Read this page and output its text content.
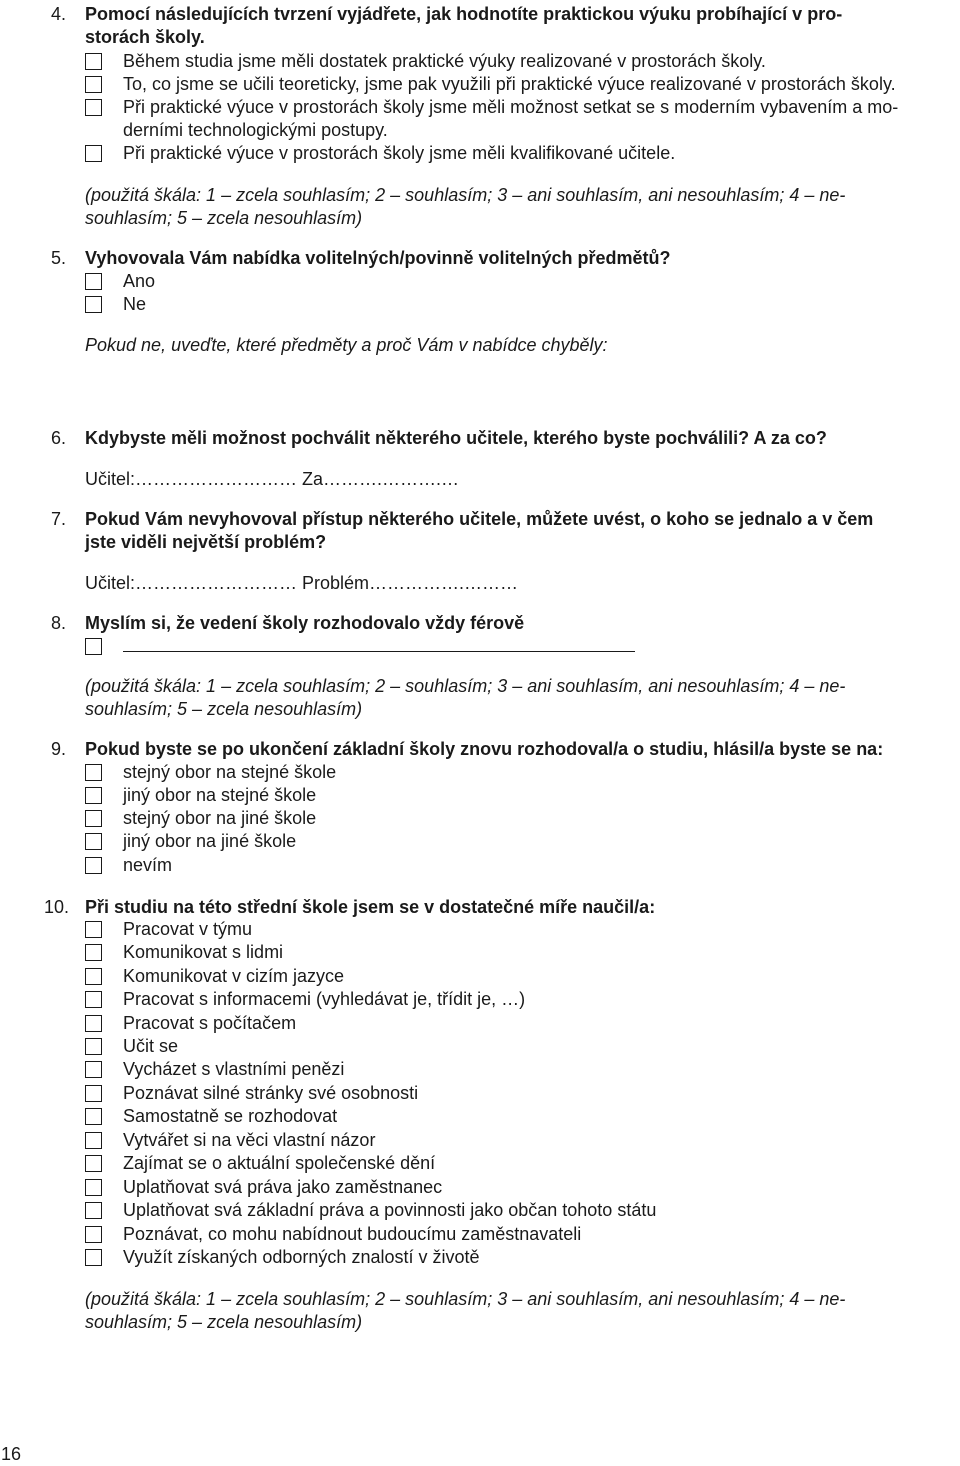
4. Pomocí následujících tvrzení vyjádřete, jak hodnotíte praktickou výuku probíhající v pro-
storách školy.
Během studia jsme měli dostatek praktické výuky realizované v prostorách školy.
To, co jsme se učili teoreticky, jsme pak využili při praktické výuce realizované v prostorách školy.
Při praktické výuce v prostorách školy jsme měli možnost setkat se s moderním vybavením a mo-
derními technologickými postupy.
Při praktické výuce v prostorách školy jsme měli kvalifikované učitele.
(použitá škála: 1 – zcela souhlasím; 2 – souhlasím; 3 – ani souhlasím, ani nesouhlasím; 4 – ne-
souhlasím; 5 – zcela nesouhlasím)
5. Vyhovovala Vám nabídka volitelných/povinně volitelných předmětů?
Ano
Ne
Pokud ne, uveďte, které předměty a proč Vám v nabídce chyběly:
6. Kdybyste měli možnost pochválit některého učitele, kterého byste pochválili? A za co?
Učitel:……………………… Za……….……….…
7. Pokud Vám nevyhovoval přístup některého učitele, můžete uvést, o koho se jednalo a v čem
jste viděli největší problém?
Učitel:……………………… Problém…………….………
8. Myslím si, že vedení školy rozhodovalo vždy férově
(použitá škála: 1 – zcela souhlasím; 2 – souhlasím; 3 – ani souhlasím, ani nesouhlasím; 4 – ne-
souhlasím; 5 – zcela nesouhlasím)
9. Pokud byste se po ukončení základní školy znovu rozhodoval/a o studiu, hlásil/a byste se na:
stejný obor na stejné škole
jiný obor na stejné škole
stejný obor na jiné škole
jiný obor na jiné škole
nevím
10. Při studiu na této střední škole jsem se v dostatečné míře naučil/a:
Pracovat v týmu
Komunikovat s lidmi
Komunikovat v cizím jazyce
Pracovat s informacemi (vyhledávat je, třídit je, …)
Pracovat s počítačem
Učit se
Vycházet s vlastními penězi
Poznávat silné stránky své osobnosti
Samostatně se rozhodovat
Vytvářet si na věci vlastní názor
Zajímat se o aktuální společenské dění
Uplatňovat svá práva jako zaměstnanec
Uplatňovat svá základní práva a povinnosti jako občan tohoto státu
Poznávat, co mohu nabídnout budoucímu zaměstnavateli
Využít získaných odborných znalostí v životě
(použitá škála: 1 – zcela souhlasím; 2 – souhlasím; 3 – ani souhlasím, ani nesouhlasím; 4 – ne-
souhlasím; 5 – zcela nesouhlasím)
16
